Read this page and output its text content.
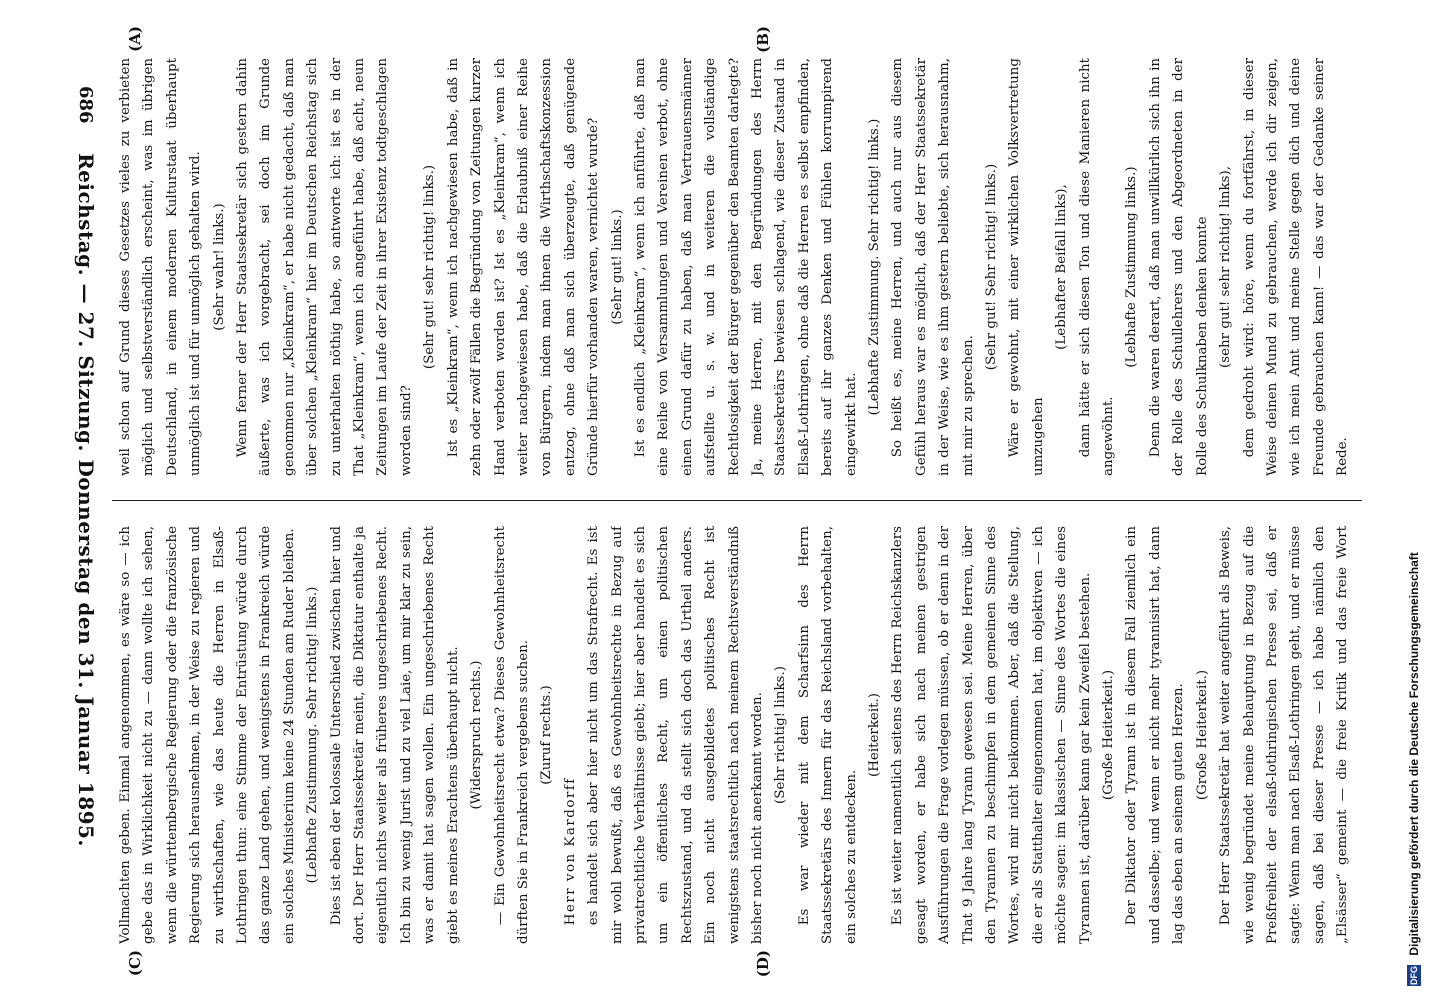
686
Reichstag. — 27. Sitzung. Donnerstag den 31. Januar 1895. weil schon auf Grund dieses Gesetzes vieles zu verbieten möglich und selbstverständlich erscheint, was im übrigen Deutschland, in einem modernen Kulturstaat überhaupt unmöglich ist und für unmöglich gehalten wird. (Sehr wahr! links.) Wenn ferner der Herr Staatssekretär sich gestern dahin äußerte, was ich vorgebracht, sei doch im Grunde genommen nur „Kleinkram“, er habe nicht gedacht, daß man über solchen „Kleinkram“ hier im Deutschen Reichstag sich zu unterhalten nöthig habe, so antworte ich: ist es in der That „Kleinkram“, wenn ich angeführt habe, daß acht, neun Zeitungen im Laufe der Zeit in ihrer Existenz todtgeschlagen worden sind?

(Sehr gut! sehr richtig! links.) Ist es „Kleinkram“, wenn ich nachgewiesen habe, daß in zehn oder zwölf Fällen die Begründung von Zeitungen kurzer Hand verboten worden ist? Ist es „Kleinkram“, wenn ich weiter nachgewiesen habe, daß die Erlaubniß einer Reihe von Bürgern, indem man ihnen die Wirthschaftskonzession entzog, ohne daß man sich überzeugte, daß genügende Gründe hierfür vorhanden waren, vernichtet wurde? (Sehr gut! links.) Ist es endlich „Kleinkram“, wenn ich anführte, daß man eine Reihe von Versammlungen und Vereinen verbot, ohne einen Grund dafür zu haben, daß man Vertrauensmänner aufstellte u. s. w. und in weiteren die vollständige Rechtlosigkeit der Bürger gegenüber den Beamten darlegte? Ja, meine Herren, mit den Begründungen des Herrn Staatssekretärs bewiesen schlagend, wie dieser Zustand in Elsaß-Lothringen, ohne daß die Herren es selbst empfinden, bereits auf ihr ganzes Denken und Fühlen korrumpirend eingewirkt hat.

(Lebhafte Zustimmung. Sehr richtig! links.) So heißt es, meine Herren, und auch nur aus diesem Gefühl heraus war es möglich, daß der Herr Staatssekretär in der Weise, wie es ihm gestern beliebte, sich herausnahm, mit mir zu sprechen.

(Sehr gut! Sehr richtig! links.) Wäre er gewohnt, mit einer wirklichen Volksvertretung umzugehen

(Lebhafter Beifall links), dann hätte er sich diesen Ton und diese Manieren nicht angewöhnt.

(Lebhafte Zustimmung links.) Denn die waren derart, daß man unwillkürlich sich ihn in der Rolle des Schullehrers und den Abgeordneten in der Rolle des Schulknaben denken konnte (sehr gut! sehr richtig! links), dem gedroht wird: höre, wenn du fortfährst, in dieser Weise deinen Mund zu gebrauchen, werde ich dir zeigen, wie ich mein Amt und meine Stelle gegen dich und deine Freunde gebrauchen kann! — das war der Gedanke seiner Rede.

Vollmachten geben. Einmal angenommen, es wäre so — ich gebe das in Wirklichkeit nicht zu — dann wollte ich sehen, wenn die württembergische Regierung oder die französische Regierung sich herausnehmen, in der Weise zu regieren und zu wirthschaften, wie das heute die Herren in Elsaß-Lothringen thun: eine Stimme der Entrüstung würde durch das ganze Land gehen, und wenigstens in Frankreich würde ein solches Ministerium keine 24 Stunden am Ruder bleiben. (Lebhafte Zustimmung. Sehr richtig! links.) Dies ist eben der kolossale Unterschied zwischen hier und dort. Der Herr Staatssekretär meint, die Diktatur enthalte ja eigentlich nichts weiter als früheres ungeschriebenes Recht. Ich bin zu wenig Jurist und zu viel Laie, um mir klar zu sein, was er damit hat sagen wollen. Ein ungeschriebenes Recht giebt es meines Erachtens überhaupt nicht. (Widerspruch rechts.) — Ein Gewohnheitsrecht etwa? Dieses Gewohnheitsrecht dürften Sie in Frankreich vergebens suchen. (Zuruf rechts.)

Herr von Kardorff es handelt sich aber hier nicht um das Strafrecht. Es ist mir wohl bewußt, daß es Gewohnheitsrechte in Bezug auf privatrechtliche Verhältnisse giebt; hier aber handelt es sich um ein öffentliches Recht, um einen politischen Rechtszustand, und da stellt sich doch das Urtheil anders. Ein noch nicht ausgebildetes politisches Recht ist wenigstens staatsrechtlich nach meinem Rechtsverständniß bisher noch nicht anerkannt worden. (Sehr richtig! links.) Es war wieder mit dem Scharfsinn des Herrn Staatssekretärs des Innern für das Reichsland vorbehalten, ein solches zu entdecken.

(Heiterkeit.) Es ist weiter namentlich seitens des Herrn Reichskanzlers gesagt worden, er habe sich nach meinen gestrigen Ausführungen die Frage vorlegen müssen, ob er denn in der That 9 Jahre lang Tyrann gewesen sei. Meine Herren, über den Tyrannen zu beschimpfen in dem gemeinen Sinne des Wortes, wird mir nicht beikommen. Aber, daß die Stellung, die er als Statthalter eingenommen hat, im objektiven — ich möchte sagen: im klassischen — Sinne des Wortes die eines Tyrannen ist, darüber kann gar kein Zweifel bestehen. (Große Heiterkeit.) Der Diktator oder Tyrann ist in diesem Fall ziemlich ein und dasselbe; und wenn er nicht mehr tyrannisirt hat, dann lag das eben an seinem guten Herzen. (Große Heiterkeit.)

Der Herr Staatssekretär hat weiter angeführt als Beweis, wie wenig begründet meine Behauptung in Bezug auf die Preßfreiheit der elsaß-lothringischen Presse sei, daß er sagte: Wenn man nach Elsaß-Lothringen geht, und er müsse sagen, daß bei dieser Presse — ich habe nämlich den „Elsässer“ gemeint — die freie Kritik und das freie Wort

(A)	(B)
(C)	(D)	DFG Digitalisierung gefördert durch die Deutsche Forschungsgemeinschaft
